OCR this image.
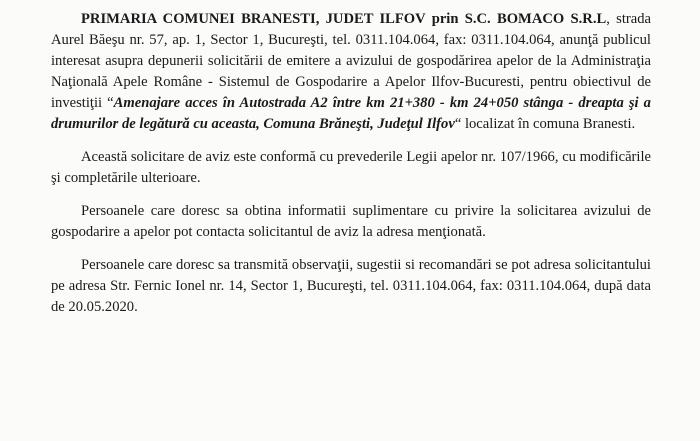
PRIMARIA COMUNEI BRANESTI, JUDET ILFOV prin S.C. BOMACO S.R.L, strada Aurel Băeşu nr. 57, ap. 1, Sector 1, Bucureşti, tel. 0311.104.064, fax: 0311.104.064, anunţă publicul interesat asupra depunerii solicitării de emitere a avizului de gospodărirea apelor de la Administraţia Naţională Apele Române - Sistemul de Gospodarire a Apelor Ilfov-Bucuresti, pentru obiectivul de investiţii “Amenajare acces în Autostrada A2 între km 21+380 - km 24+050 stânga - dreapta şi a drumurilor de legătură cu aceasta, Comuna Brăneşti, Judeţul Ilfov“ localizat în comuna Branesti.

Această solicitare de aviz este conformă cu prevederile Legii apelor nr. 107/1966, cu modificările şi completările ulterioare.

Persoanele care doresc sa obtina informatii suplimentare cu privire la solicitarea avizului de gospodarire a apelor pot contacta solicitantul de aviz la adresa menţionată.

Persoanele care doresc sa transmită observaţii, sugestii si recomandări se pot adresa solicitantului pe adresa Str. Fernic Ionel nr. 14, Sector 1, Bucureşti, tel. 0311.104.064, fax: 0311.104.064, după data de 20.05.2020.
